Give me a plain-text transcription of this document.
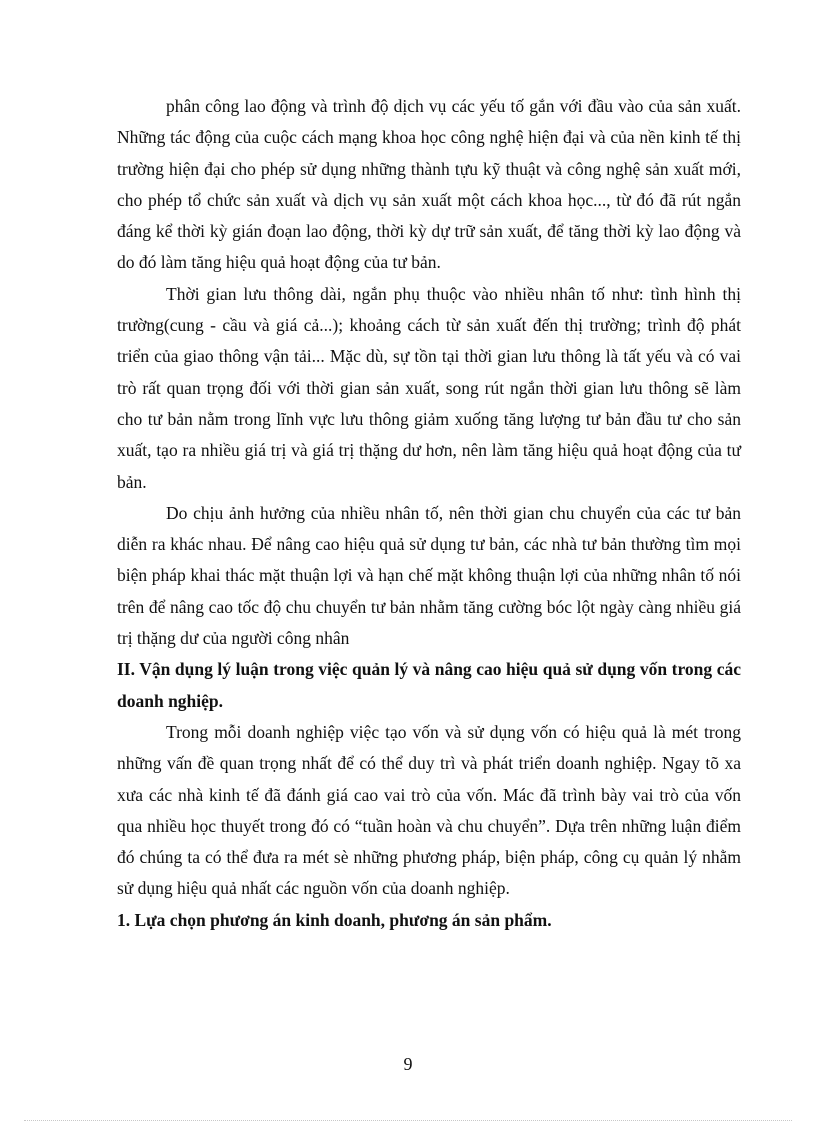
phân công lao động và trình độ dịch vụ các yếu tố gắn với đầu vào của sản xuất. Những tác động của cuộc cách mạng khoa học công nghệ hiện đại và của nền kinh tế thị trường hiện đại cho phép sử dụng những thành tựu kỹ thuật và công nghệ sản xuất mới, cho phép tổ chức sản xuất và dịch vụ sản xuất một cách khoa học..., từ đó đã rút ngắn đáng kể thời kỳ gián đoạn lao động, thời kỳ dự trữ sản xuất, để tăng thời kỳ lao động và do đó làm tăng hiệu quả hoạt động của tư bản.

Thời gian lưu thông dài, ngắn phụ thuộc vào nhiều nhân tố như: tình hình thị trường(cung - cầu và giá cả...); khoảng cách từ sản xuất đến thị trường; trình độ phát triển của giao thông vận tải... Mặc dù, sự tồn tại thời gian lưu thông là tất yếu và có vai trò rất quan trọng đối với thời gian sản xuất, song rút ngắn thời gian lưu thông sẽ làm cho tư bản nằm trong lĩnh vực lưu thông giảm xuống tăng lượng tư bản đầu tư cho sản xuất, tạo ra nhiều giá trị và giá trị thặng dư hơn, nên làm tăng hiệu quả hoạt động của tư bản.

Do chịu ảnh hưởng của nhiều nhân tố, nên thời gian chu chuyển của các tư bản diễn ra khác nhau. Để nâng cao hiệu quả sử dụng tư bản, các nhà tư bản thường tìm mọi biện pháp khai thác mặt thuận lợi và hạn chế mặt không thuận lợi của những nhân tố nói trên để nâng cao tốc độ chu chuyển tư bản nhằm tăng cường bóc lột ngày càng nhiều giá trị thặng dư của người công nhân

II. Vận dụng lý luận trong việc quản lý và nâng cao hiệu quả sử dụng vốn trong các doanh nghiệp.

Trong mỗi doanh nghiệp việc tạo vốn và sử dụng vốn có hiệu quả là mét trong những vấn đề quan trọng nhất để có thể duy trì và phát triển doanh nghiệp. Ngay tõ xa xưa các nhà kinh tế đã đánh giá cao vai trò của vốn. Mác đã trình bày vai trò của vốn qua nhiều học thuyết trong đó có “tuần hoàn và chu chuyển”. Dựa trên những luận điểm đó chúng ta có thể đưa ra mét sè những phương pháp, biện pháp, công cụ quản lý nhằm sử dụng hiệu quả nhất các nguồn vốn của doanh nghiệp.

1. Lựa chọn phương án kinh doanh, phương án sản phẩm.

9
